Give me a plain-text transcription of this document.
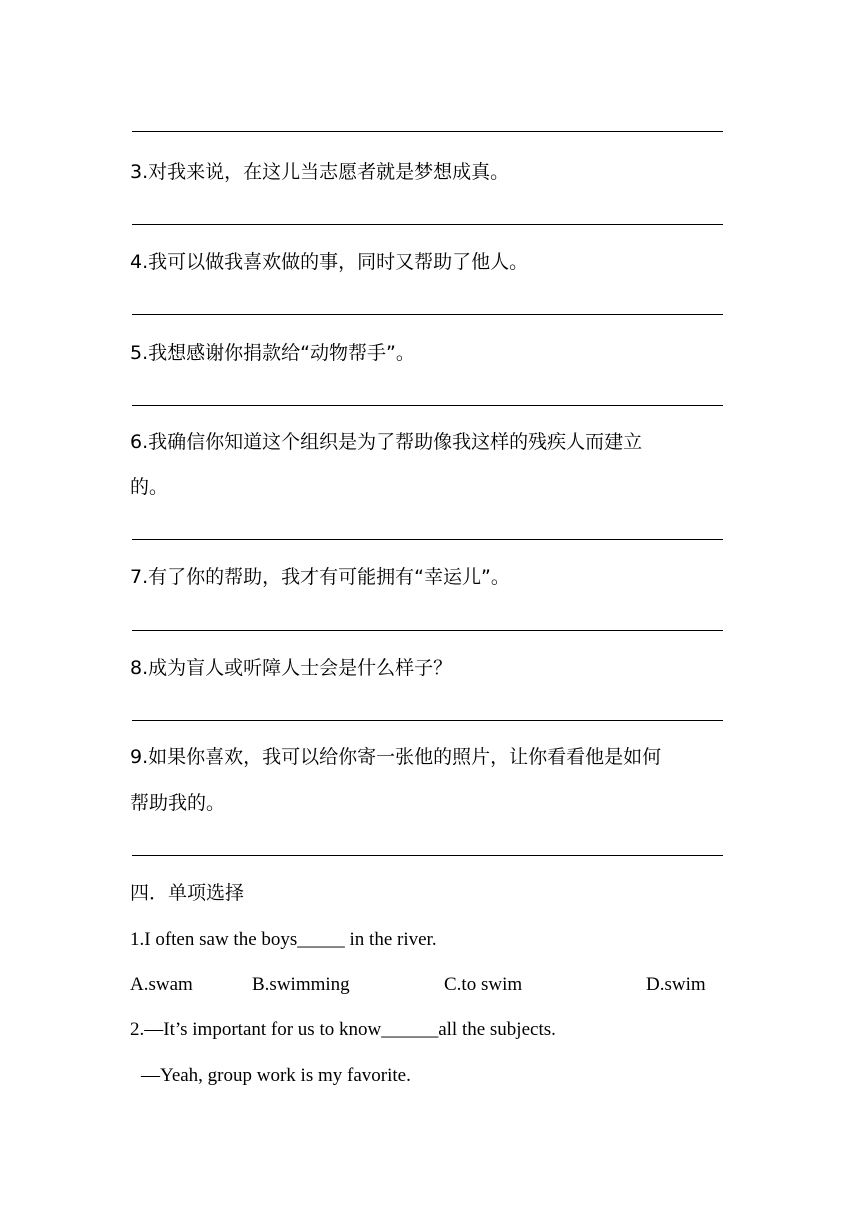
3.对我来说，在这儿当志愿者就是梦想成真。
4.我可以做我喜欢做的事，同时又帮助了他人。
5.我想感谢你捐款给“动物帮手”。
6.我确信你知道这个组织是为了帮助像我这样的残疾人而建立
的。
7.有了你的帮助，我才有可能拥有“幸运儿”。
8.成为盲人或听障人士会是什么样子？
9.如果你喜欢，我可以给你寄一张他的照片，让你看看他是如何
帮助我的。
四．单项选择
1.I often saw the boys_____ in the river.
A.swam	B.swimming	C.to swim	D.swim
2.—It’s important for us to know______all the subjects.
—Yeah, group work is my favorite.
